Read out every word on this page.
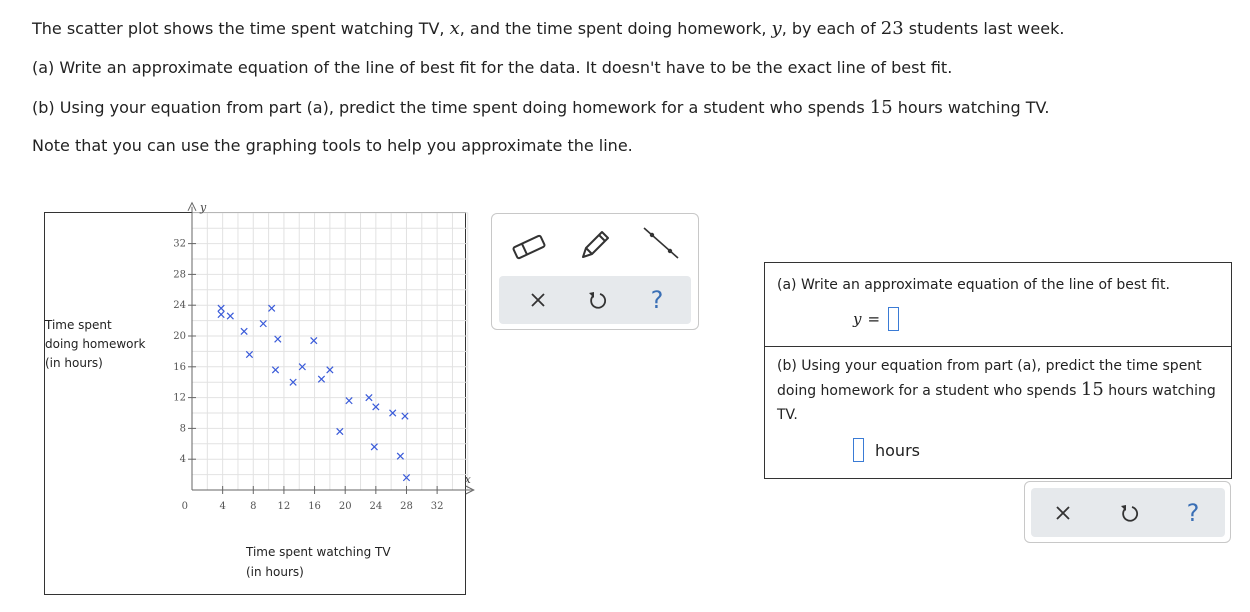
The scatter plot shows the time spent watching TV, x, and the time spent doing homework, y, by each of 23 students last week.
(a) Write an approximate equation of the line of best fit for the data. It doesn't have to be the exact line of best fit.
(b) Using your equation from part (a), predict the time spent doing homework for a student who spends 15 hours watching TV.
Note that you can use the graphing tools to help you approximate the line.
4 8 12 16 20 24 28 32
4
8
12
16
20
24
28
32
0
x
y
Time spent
doing homework
(in hours)
Time spent watching TV
(in hours)
?
(a) Write an approximate equation of the line of best fit.
y =
(b) Using your equation from part (a), predict the time spent
doing homework for a student who spends 15 hours watching
TV.
hours
?
